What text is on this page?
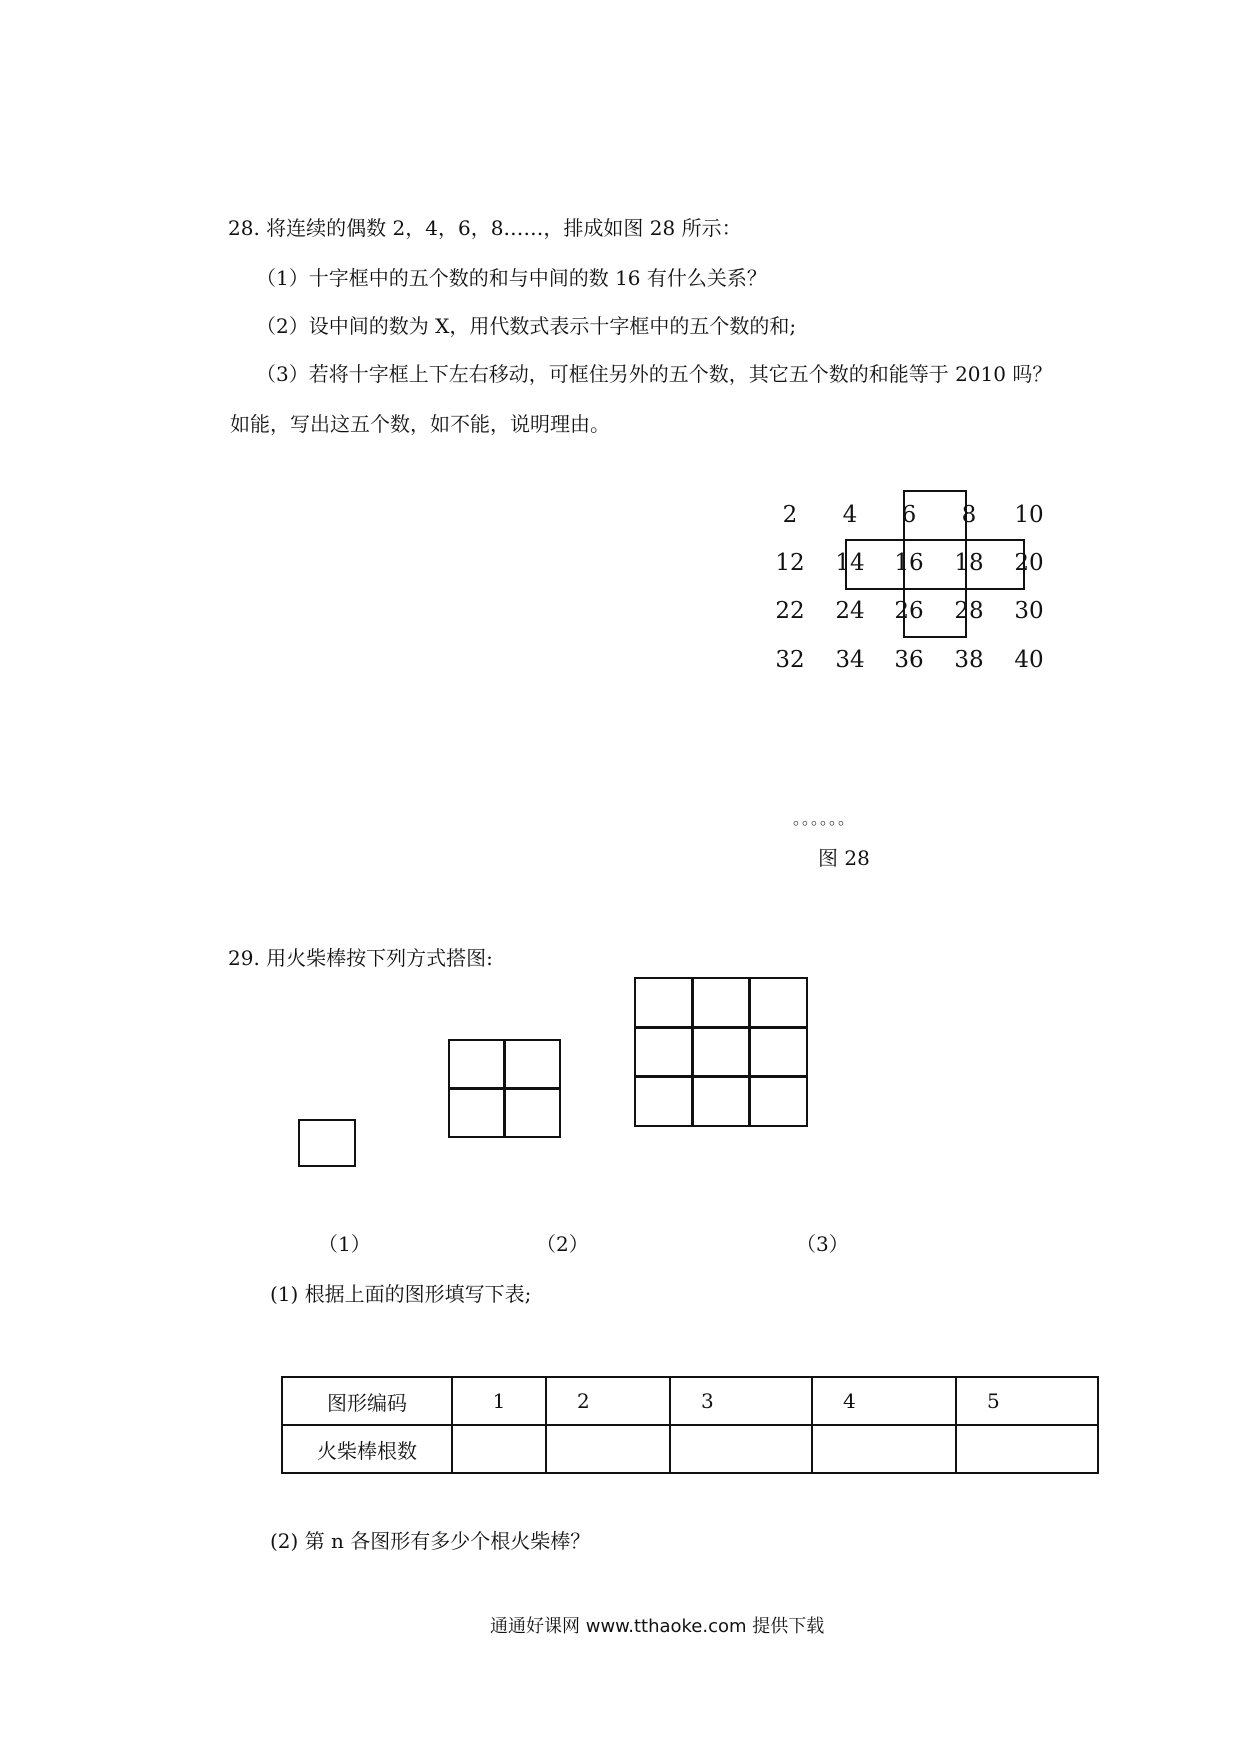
28. 将连续的偶数 2，4，6，8……，排成如图 28 所示：
（1）十字框中的五个数的和与中间的数 16 有什么关系？
（2）设中间的数为 X，用代数式表示十字框中的五个数的和;
（3）若将十字框上下左右移动，可框住另外的五个数，其它五个数的和能等于 2010 吗？
如能，写出这五个数，如不能，说明理由。
2	4	6	8	10
12	14	16	18	20
22	24	26	28	30
32	34	36	38	40
。。。。。。
图 28
29. 用火柴棒按下列方式搭图:
（1）	（2）	（3）
(1) 根据上面的图形填写下表;
图形编码	1	2	3	4	5
火柴棒根数					
(2) 第 n 各图形有多少个根火柴棒？
通通好课网 www.tthaoke.com 提供下载
